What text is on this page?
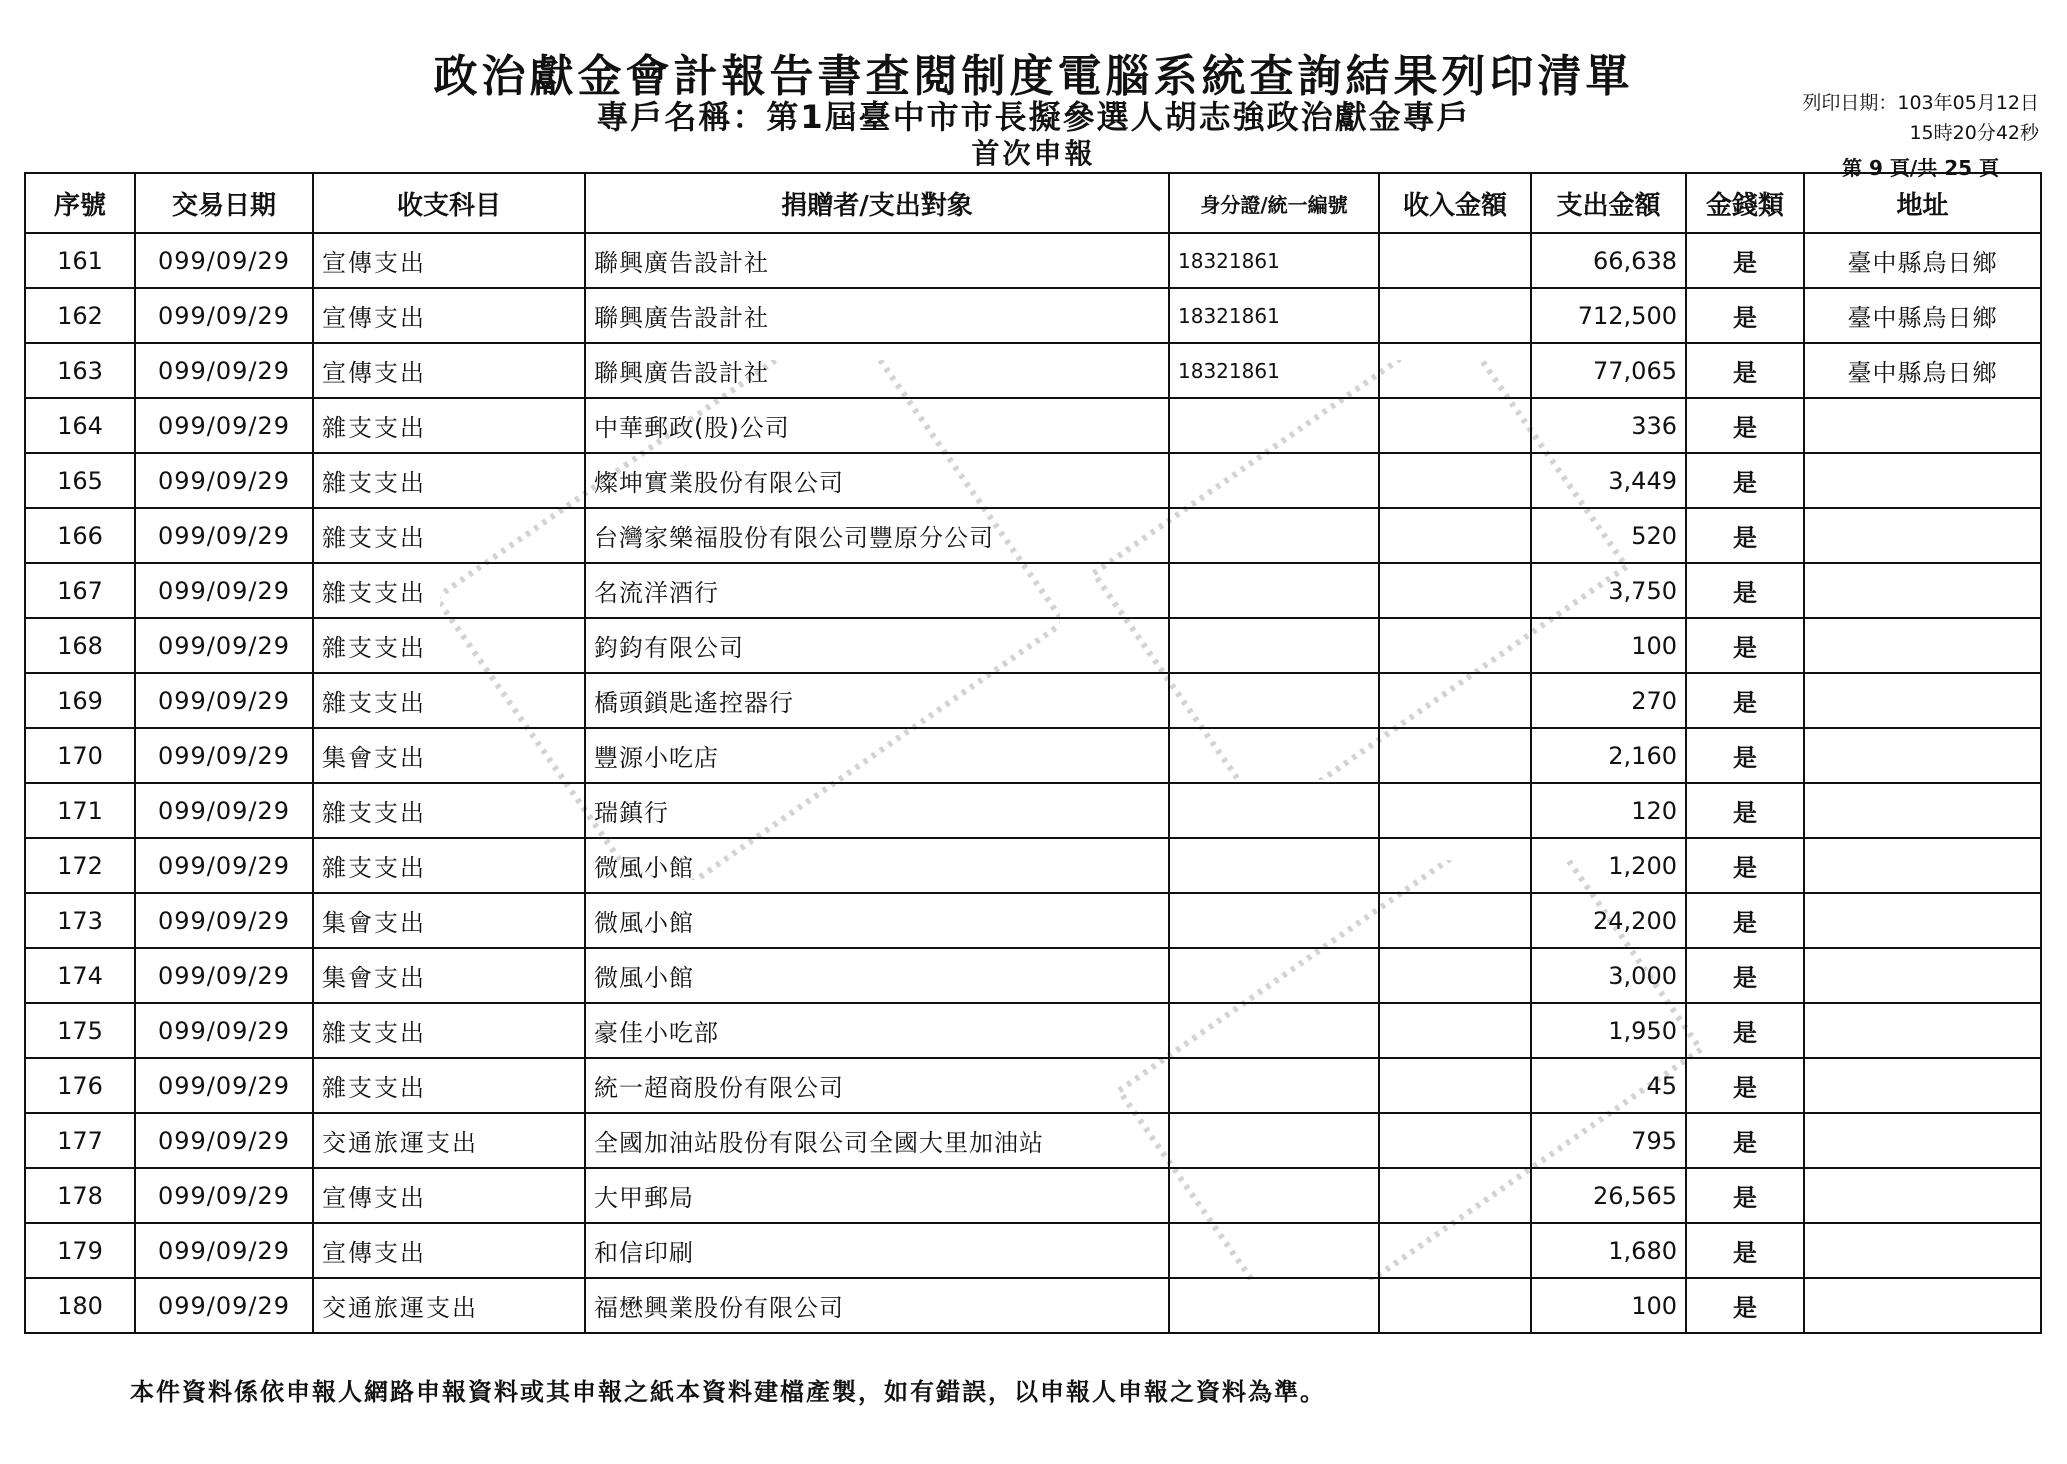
政治獻金會計報告書查閱制度電腦系統查詢結果列印清單
專戶名稱：第1屆臺中市市長擬參選人胡志強政治獻金專戶
首次申報
列印日期：103年05月12日
15時20分42秒
第 9 頁/共 25 頁
序號	交易日期	收支科目	捐贈者/支出對象	身分證/統一編號	收入金額	支出金額	金錢類	地址
161	099/09/29	宣傳支出	聯興廣告設計社	18321861		66,638	是	臺中縣烏日鄉
162	099/09/29	宣傳支出	聯興廣告設計社	18321861		712,500	是	臺中縣烏日鄉
163	099/09/29	宣傳支出	聯興廣告設計社	18321861		77,065	是	臺中縣烏日鄉
164	099/09/29	雜支支出	中華郵政(股)公司			336	是	
165	099/09/29	雜支支出	燦坤實業股份有限公司			3,449	是	
166	099/09/29	雜支支出	台灣家樂福股份有限公司豐原分公司			520	是	
167	099/09/29	雜支支出	名流洋酒行			3,750	是	
168	099/09/29	雜支支出	鈞鈞有限公司			100	是	
169	099/09/29	雜支支出	橋頭鎖匙遙控器行			270	是	
170	099/09/29	集會支出	豐源小吃店			2,160	是	
171	099/09/29	雜支支出	瑞鎮行			120	是	
172	099/09/29	雜支支出	微風小館			1,200	是	
173	099/09/29	集會支出	微風小館			24,200	是	
174	099/09/29	集會支出	微風小館			3,000	是	
175	099/09/29	雜支支出	豪佳小吃部			1,950	是	
176	099/09/29	雜支支出	統一超商股份有限公司			45	是	
177	099/09/29	交通旅運支出	全國加油站股份有限公司全國大里加油站			795	是	
178	099/09/29	宣傳支出	大甲郵局			26,565	是	
179	099/09/29	宣傳支出	和信印刷			1,680	是	
180	099/09/29	交通旅運支出	福懋興業股份有限公司			100	是	
本件資料係依申報人網路申報資料或其申報之紙本資料建檔產製，如有錯誤，以申報人申報之資料為準。
